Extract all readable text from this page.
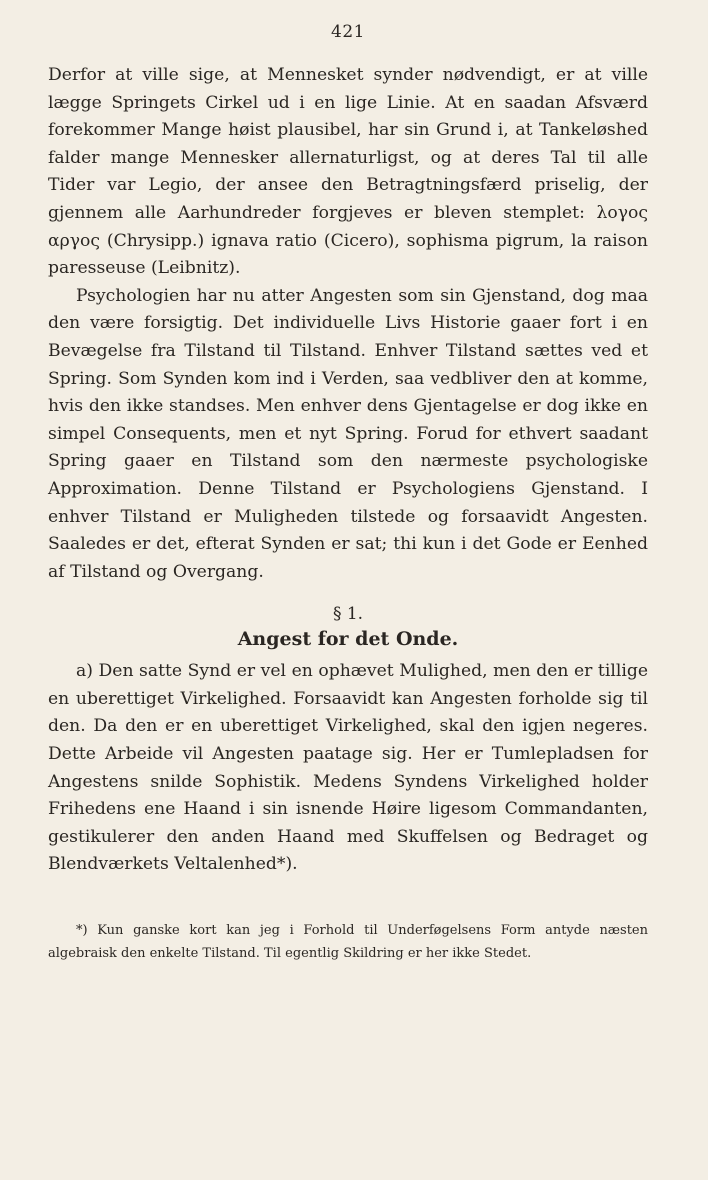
421

Derfor at ville sige, at Mennesket synder nødvendigt, er at ville lægge Springets Cirkel ud i en lige Linie. At en saadan Afsværd forekommer Mange høist plausibel, har sin Grund i, at Tankeløshed falder mange Mennesker allernaturligst, og at deres Tal til alle Tider var Legio, der ansee den Betragtningsfærd priselig, der gjennem alle Aarhundreder forgjeves er bleven stemplet: λογος αργος (Chrysipp.) ignava ratio (Cicero), sophisma pigrum, la raison paresseuse (Leibnitz).

Psychologien har nu atter Angesten som sin Gjenstand, dog maa den være forsigtig. Det individuelle Livs Historie gaaer fort i en Bevægelse fra Tilstand til Tilstand. Enhver Tilstand sættes ved et Spring. Som Synden kom ind i Verden, saa vedbliver den at komme, hvis den ikke standses. Men enhver dens Gjentagelse er dog ikke en simpel Consequents, men et nyt Spring. Forud for ethvert saadant Spring gaaer en Tilstand som den nærmeste psychologiske Approximation. Denne Tilstand er Psychologiens Gjenstand. I enhver Tilstand er Muligheden tilstede og forsaavidt Angesten. Saaledes er det, efterat Synden er sat; thi kun i det Gode er Eenhed af Tilstand og Overgang.

§ 1.
Angest for det Onde.

a) Den satte Synd er vel en ophævet Mulighed, men den er tillige en uberettiget Virkelighed. Forsaavidt kan Angesten forholde sig til den. Da den er en uberettiget Virkelighed, skal den igjen negeres. Dette Arbeide vil Angesten paatage sig. Her er Tumlepladsen for Angestens snilde Sophistik. Medens Syndens Virkelighed holder Frihedens ene Haand i sin isnende Høire ligesom Commandanten, gestikulerer den anden Haand med Skuffelsen og Bedraget og Blendværkets Veltalenhed*).

*) Kun ganske kort kan jeg i Forhold til Underføgelsens Form antyde næsten algebraisk den enkelte Tilstand. Til egentlig Skildring er her ikke Stedet.
